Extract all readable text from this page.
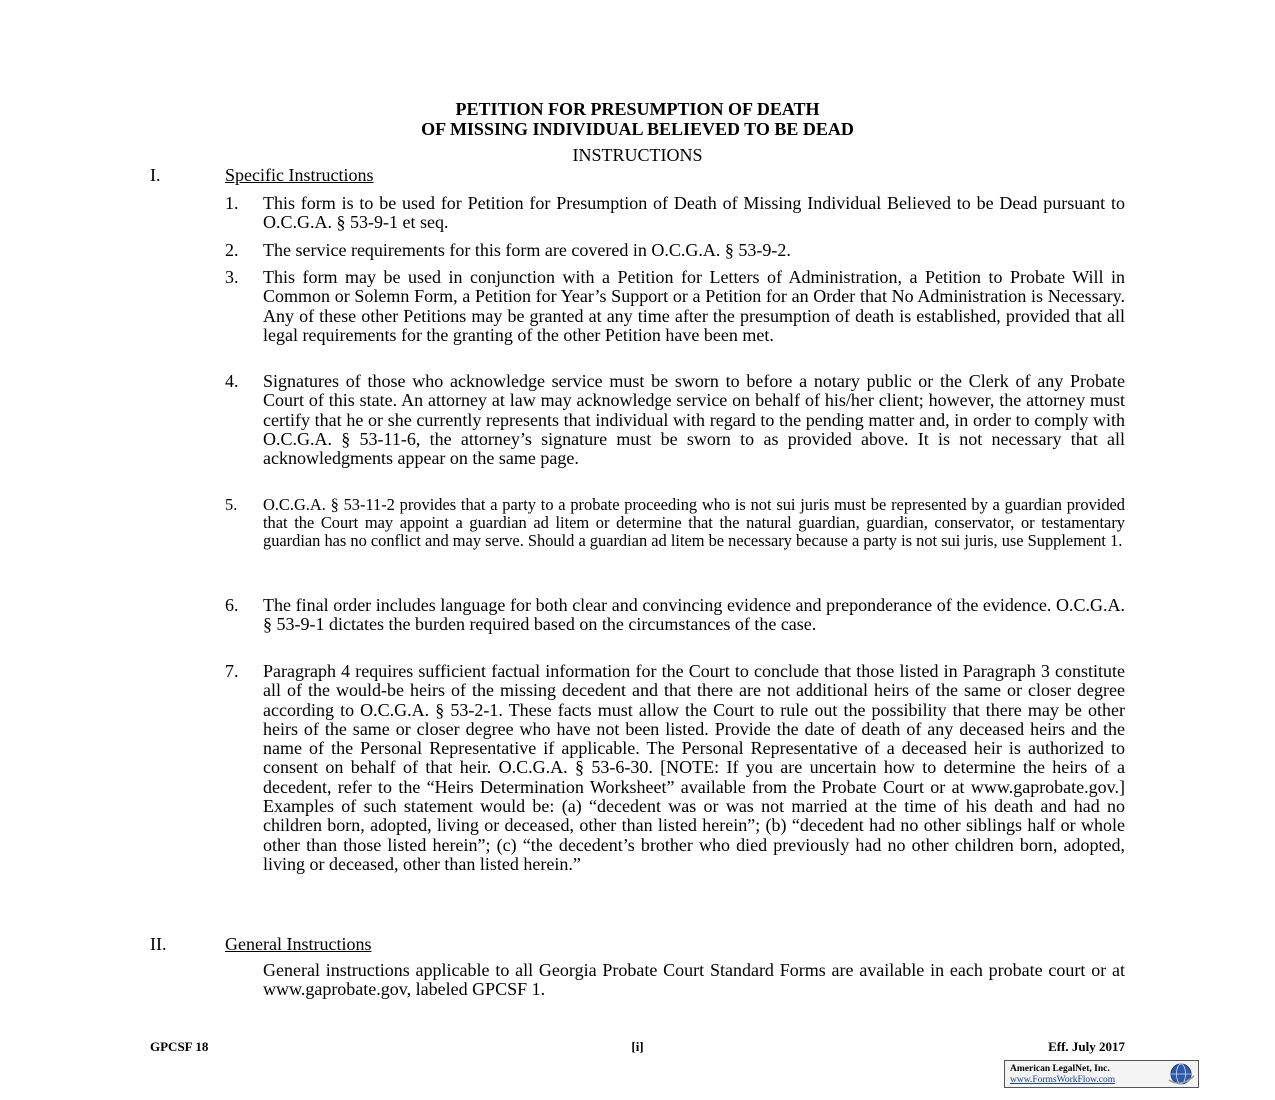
PETITION FOR PRESUMPTION OF DEATH
OF MISSING INDIVIDUAL BELIEVED TO BE DEAD
INSTRUCTIONS
I.	Specific Instructions
1.	This form is to be used for Petition for Presumption of Death of Missing Individual Believed to be Dead pursuant to O.C.G.A. § 53-9-1 et seq.
2.	The service requirements for this form are covered in O.C.G.A. § 53-9-2.
3.	This form may be used in conjunction with a Petition for Letters of Administration, a Petition to Probate Will in Common or Solemn Form, a Petition for Year’s Support or a Petition for an Order that No Administration is Necessary. Any of these other Petitions may be granted at any time after the presumption of death is established, provided that all legal requirements for the granting of the other Petition have been met.
4.	Signatures of those who acknowledge service must be sworn to before a notary public or the Clerk of any Probate Court of this state. An attorney at law may acknowledge service on behalf of his/her client; however, the attorney must certify that he or she currently represents that individual with regard to the pending matter and, in order to comply with O.C.G.A. § 53-11-6, the attorney’s signature must be sworn to as provided above. It is not necessary that all acknowledgments appear on the same page.
5.	O.C.G.A. § 53-11-2 provides that a party to a probate proceeding who is not sui juris must be represented by a guardian provided that the Court may appoint a guardian ad litem or determine that the natural guardian, guardian, conservator, or testamentary guardian has no conflict and may serve. Should a guardian ad litem be necessary because a party is not sui juris, use Supplement 1.
6.	The final order includes language for both clear and convincing evidence and preponderance of the evidence. O.C.G.A. § 53-9-1 dictates the burden required based on the circumstances of the case.
7.	Paragraph 4 requires sufficient factual information for the Court to conclude that those listed in Paragraph 3 constitute all of the would-be heirs of the missing decedent and that there are not additional heirs of the same or closer degree according to O.C.G.A. § 53-2-1. These facts must allow the Court to rule out the possibility that there may be other heirs of the same or closer degree who have not been listed. Provide the date of death of any deceased heirs and the name of the Personal Representative if applicable. The Personal Representative of a deceased heir is authorized to consent on behalf of that heir. O.C.G.A. § 53-6-30. [NOTE: If you are uncertain how to determine the heirs of a decedent, refer to the “Heirs Determination Worksheet” available from the Probate Court or at www.gaprobate.gov.] Examples of such statement would be: (a) “decedent was or was not married at the time of his death and had no children born, adopted, living or deceased, other than listed herein”; (b) “decedent had no other siblings half or whole other than those listed herein”; (c) “the decedent’s brother who died previously had no other children born, adopted, living or deceased, other than listed herein.”
II.	General Instructions
General instructions applicable to all Georgia Probate Court Standard Forms are available in each probate court or at www.gaprobate.gov, labeled GPCSF 1.
GPCSF 18	[i]	Eff. July 2017
American LegalNet, Inc.
www.FormsWorkFlow.com
